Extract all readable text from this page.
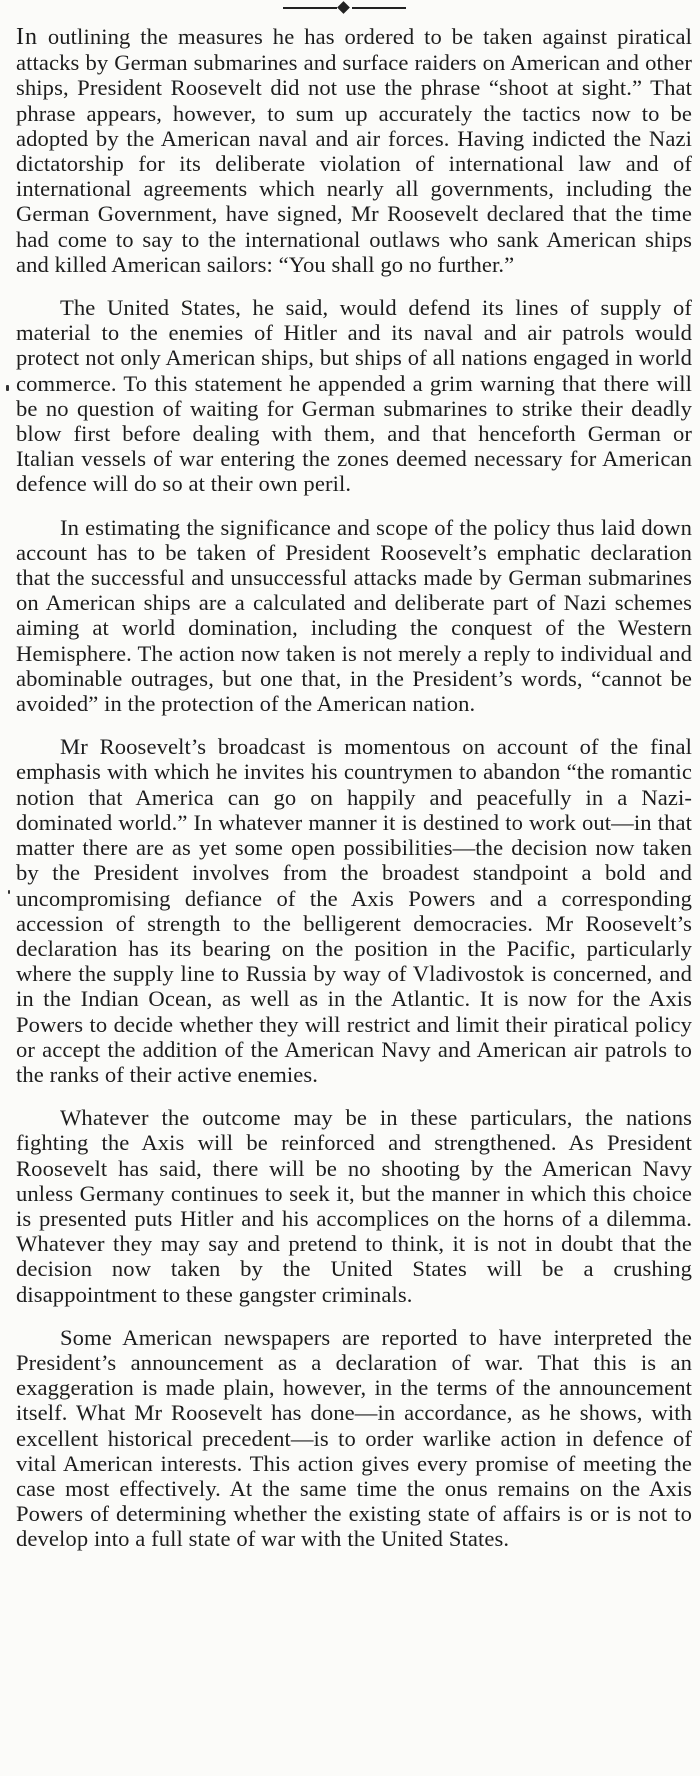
In outlining the measures he has ordered to be taken against piratical attacks by German submarines and surface raiders on American and other ships, President Roosevelt did not use the phrase “shoot at sight.” That phrase appears, however, to sum up accurately the tactics now to be adopted by the American naval and air forces. Having indicted the Nazi dictatorship for its deliberate violation of international law and of international agreements which nearly all governments, including the German Government, have signed, Mr Roosevelt declared that the time had come to say to the international outlaws who sank American ships and killed American sailors: “You shall go no further.”

The United States, he said, would defend its lines of supply of material to the enemies of Hitler and its naval and air patrols would protect not only American ships, but ships of all nations engaged in world commerce. To this statement he appended a grim warning that there will be no question of waiting for German submarines to strike their deadly blow first before dealing with them, and that henceforth German or Italian vessels of war entering the zones deemed necessary for American defence will do so at their own peril.

In estimating the significance and scope of the policy thus laid down account has to be taken of President Roosevelt’s emphatic declaration that the successful and unsuccessful attacks made by German submarines on American ships are a calculated and deliberate part of Nazi schemes aiming at world domination, including the conquest of the Western Hemisphere. The action now taken is not merely a reply to individual and abominable outrages, but one that, in the President’s words, “cannot be avoided” in the protection of the American nation.

Mr Roosevelt’s broadcast is momentous on account of the final emphasis with which he invites his countrymen to abandon “the romantic notion that America can go on happily and peacefully in a Nazi-dominated world.” In whatever manner it is destined to work out—in that matter there are as yet some open possibilities—the decision now taken by the President involves from the broadest standpoint a bold and uncompromising defiance of the Axis Powers and a corresponding accession of strength to the belligerent democracies. Mr Roosevelt’s declaration has its bearing on the position in the Pacific, particularly where the supply line to Russia by way of Vladivostok is concerned, and in the Indian Ocean, as well as in the Atlantic. It is now for the Axis Powers to decide whether they will restrict and limit their piratical policy or accept the addition of the American Navy and American air patrols to the ranks of their active enemies.

Whatever the outcome may be in these particulars, the nations fighting the Axis will be reinforced and strengthened. As President Roosevelt has said, there will be no shooting by the American Navy unless Germany continues to seek it, but the manner in which this choice is presented puts Hitler and his accomplices on the horns of a dilemma. Whatever they may say and pretend to think, it is not in doubt that the decision now taken by the United States will be a crushing disappointment to these gangster criminals.

Some American newspapers are reported to have interpreted the President’s announcement as a declaration of war. That this is an exaggeration is made plain, however, in the terms of the announcement itself. What Mr Roosevelt has done—in accordance, as he shows, with excellent historical precedent—is to order warlike action in defence of vital American interests. This action gives every promise of meeting the case most effectively. At the same time the onus remains on the Axis Powers of determining whether the existing state of affairs is or is not to develop into a full state of war with the United States.
